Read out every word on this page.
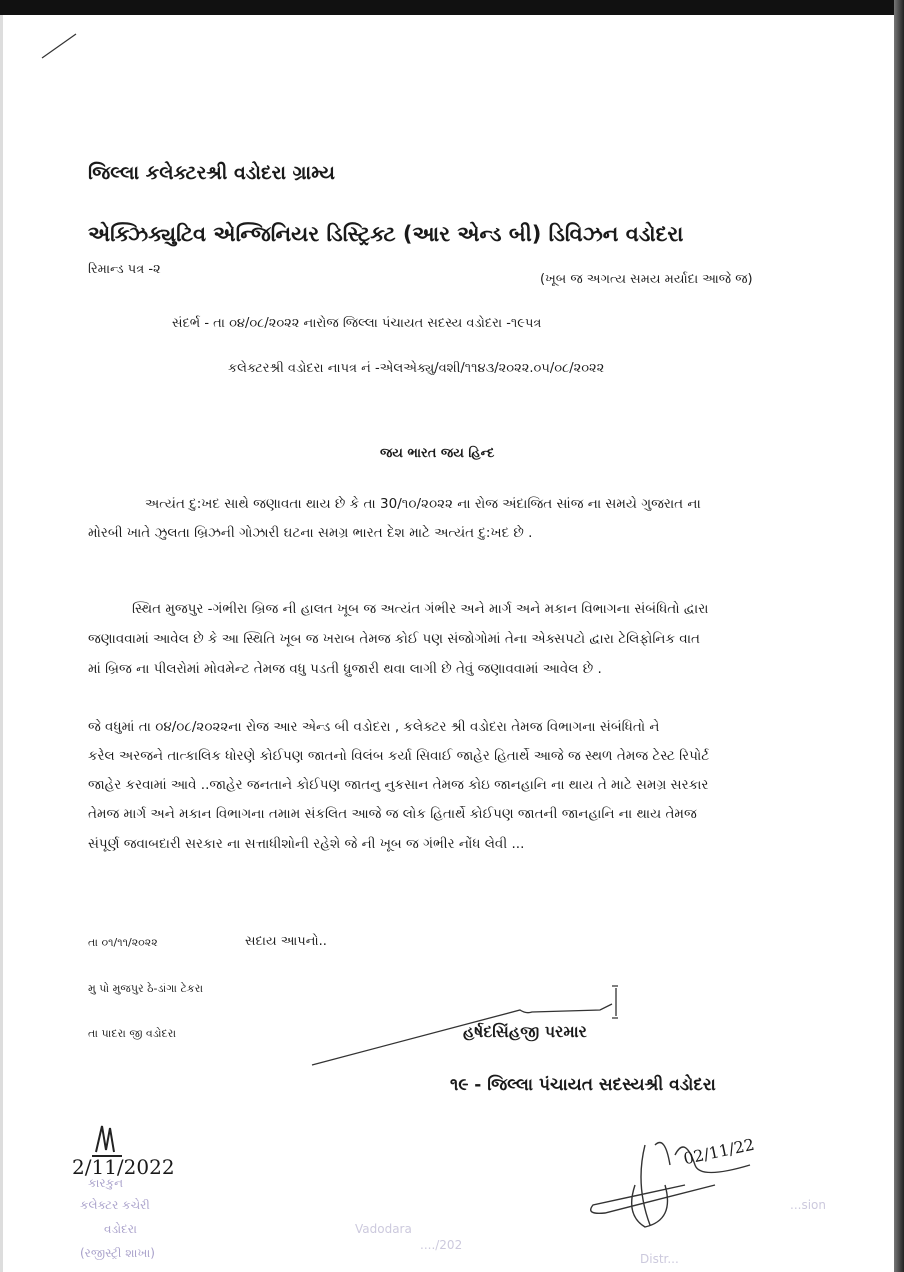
જિલ્લા કલેક્ટરશ્રી વડોદરા ગ્રામ્ય
એક્ઝિક્યુટિવ એન્જિનિયર ડિસ્ટ્રિક્ટ (આર એન્ડ બી) ડિવિઝન વડોદરા
રિમાન્ડ પત્ર -૨
(ખૂબ જ અગત્ય સમય મર્યાદા આજે જ)
સંદર્ભ - તા ૦૪/૦૮/૨૦૨૨ નારોજ જિલ્લા પંચાયત સદસ્ય વડોદરા -૧૯પત્ર
કલેક્ટરશ્રી વડોદરા નાપત્ર નં -એલએક્યુ/વશી/૧૧૪૩/૨૦૨૨.૦૫/૦૮/૨૦૨૨
જય ભારત જય હિન્દ
અત્યંત દુ:ખદ સાથે જણાવતા થાય છે કે તા 30/૧૦/૨૦૨૨ ના રોજ અંદાજિત સાંજ ના સમયે ગુજરાત ના
મોરબી ખાતે ઝુલતા બ્રિઝની ગોઝારી ઘટના સમગ્ર ભારત દેશ માટે અત્યંત દુ:ખદ છે .
સ્થિત મુજપુર -ગંભીરા બ્રિજ ની હાલત ખૂબ જ અત્યંત ગંભીર અને માર્ગ અને મકાન વિભાગના સંબંધિતો દ્વારા
જણાવવામાં આવેલ છે કે આ સ્થિતિ ખૂબ જ ખરાબ તેમજ કોઈ પણ સંજોગોમાં તેના એક્સપટો દ્વારા ટેલિફોનિક વાત
માં બ્રિજ ના પીલરોમાં મોવમેન્ટ તેમજ વધુ પડતી ધ્રુજારી થવા લાગી છે તેવું જણાવવામાં આવેલ છે .
જે વધુમાં તા ૦૪/૦૮/૨૦૨૨ના રોજ આર એન્ડ બી વડોદરા , કલેક્ટર શ્રી વડોદરા તેમજ વિભાગના સંબંધિતો ને
કરેલ અરજને તાત્કાલિક ધોરણે કોઈપણ જાતનો વિલંબ કર્યા સિવાઈ જાહેર હિતાર્થે આજે જ સ્થળ તેમજ ટેસ્ટ રિપોર્ટ
જાહેર કરવામાં આવે ..જાહેર જનતાને કોઈપણ જાતનુ નુકસાન તેમજ કોઇ જાનહાનિ ના થાય તે માટે સમગ્ર સરકાર
તેમજ માર્ગ અને મકાન વિભાગના તમામ સંકલિત આજે જ લોક હિતાર્થે કોઈપણ જાતની જાનહાનિ ના થાય તેમજ
સંપૂર્ણ જવાબદારી સરકાર ના સત્તાધીશોની રહેશે જે ની ખૂબ જ ગંભીર નોંધ લેવી ...
તા ૦૧/૧૧/૨૦૨૨	સદાય આપનો..
મુ પો મુજપુર ઠે-ડાંગા ટેકરા
તા પાદરા જી વડોદરા	હર્ષદસિંહજી પરમાર
૧૯ - જિલ્લા પંચાયત સદસ્યશ્રી વડોદરા
2/11/2022
કારકુન
કલેક્ટર કચેરી
વડોદરા
(રજીસ્ટ્રી શાખા)
Vadodara
..../202
02/11/22
Distr...
...sion
